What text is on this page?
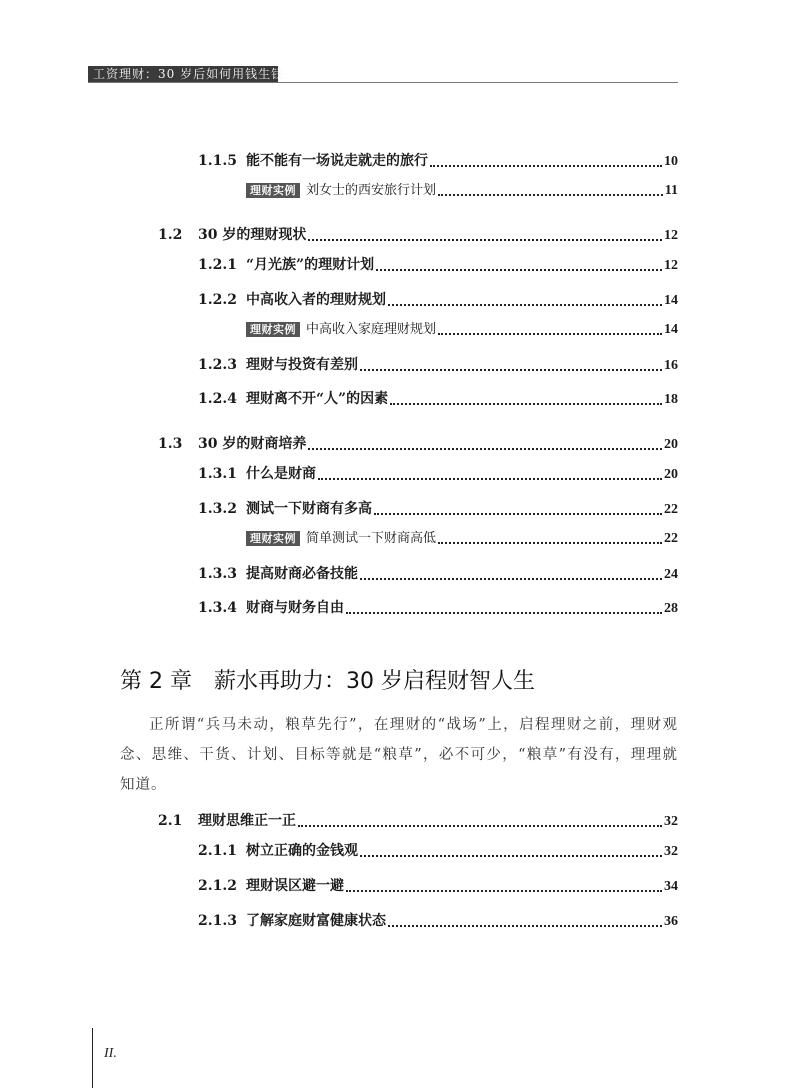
工资理财：30 岁后如何用钱生钱
1.1.5 能不能有一场说走就走的旅行	10
理财实例 刘女士的西安旅行计划	11
1.2	30 岁的理财现状	12
1.2.1 “月光族”的理财计划	12
1.2.2 中高收入者的理财规划	14
理财实例 中高收入家庭理财规划	14
1.2.3 理财与投资有差别	16
1.2.4 理财离不开“人”的因素	18
1.3	30 岁的财商培养	20
1.3.1 什么是财商	20
1.3.2 测试一下财商有多高	22
理财实例 简单测试一下财商高低	22
1.3.3 提高财商必备技能	24
1.3.4 财商与财务自由	28
第 2 章 薪水再助力：30 岁启程财智人生
正所谓“兵马未动，粮草先行”，在理财的“战场”上，启程理财之前，理财观念、思维、干货、计划、目标等就是“粮草”，必不可少，“粮草”有没有，理理就知道。
2.1	理财思维正一正	32
2.1.1 树立正确的金钱观	32
2.1.2 理财误区避一避	34
2.1.3 了解家庭财富健康状态	36
II.
